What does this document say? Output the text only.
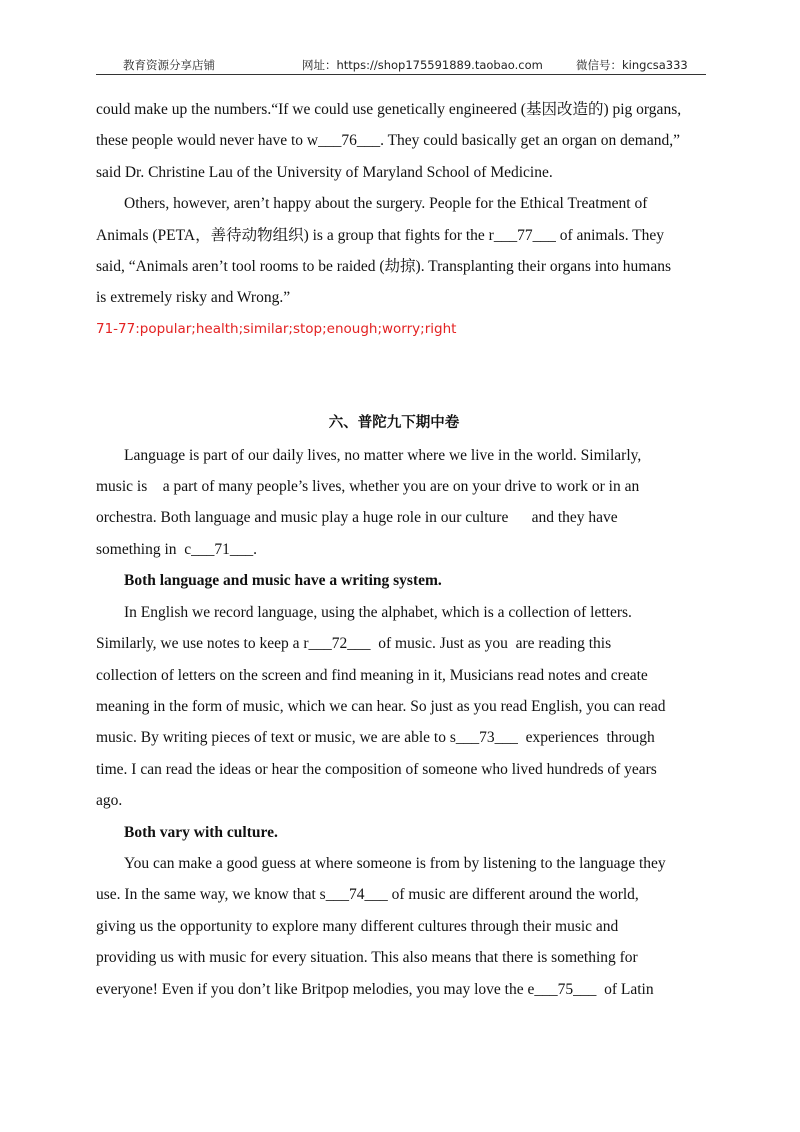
教育资源分享店铺	网址：https://shop175591889.taobao.com	微信号：kingcsa333

could make up the numbers.“If we could use genetically engineered (基因改造的) pig organs,

these people would never have to w___76___. They could basically get an organ on demand,”

said Dr. Christine Lau of the University of Maryland School of Medicine.

Others, however, aren’t happy about the surgery. People for the Ethical Treatment of

Animals (PETA，善待动物组织) is a group that fights for the r___77___ of animals. They

said, “Animals aren’t tool rooms to be raided (劫掠). Transplanting their organs into humans

is extremely risky and Wrong.”

71-77:popular;health;similar;stop;enough;worry;right

六、普陀九下期中卷

Language is part of our daily lives, no matter where we live in the world. Similarly,

music is    a part of many people’s lives, whether you are on your drive to work or in an

orchestra. Both language and music play a huge role in our culture      and they have

something in  c___71___.

Both language and music have a writing system.

In English we record language, using the alphabet, which is a collection of letters.

Similarly, we use notes to keep a r___72___  of music. Just as you  are reading this

collection of letters on the screen and find meaning in it, Musicians read notes and create

meaning in the form of music, which we can hear. So just as you read English, you can read

music. By writing pieces of text or music, we are able to s___73___  experiences  through

time. I can read the ideas or hear the composition of someone who lived hundreds of years

ago.

Both vary with culture.

You can make a good guess at where someone is from by listening to the language they

use. In the same way, we know that s___74___ of music are different around the world,

giving us the opportunity to explore many different cultures through their music and

providing us with music for every situation. This also means that there is something for

everyone! Even if you don’t like Britpop melodies, you may love the e___75___  of Latin
